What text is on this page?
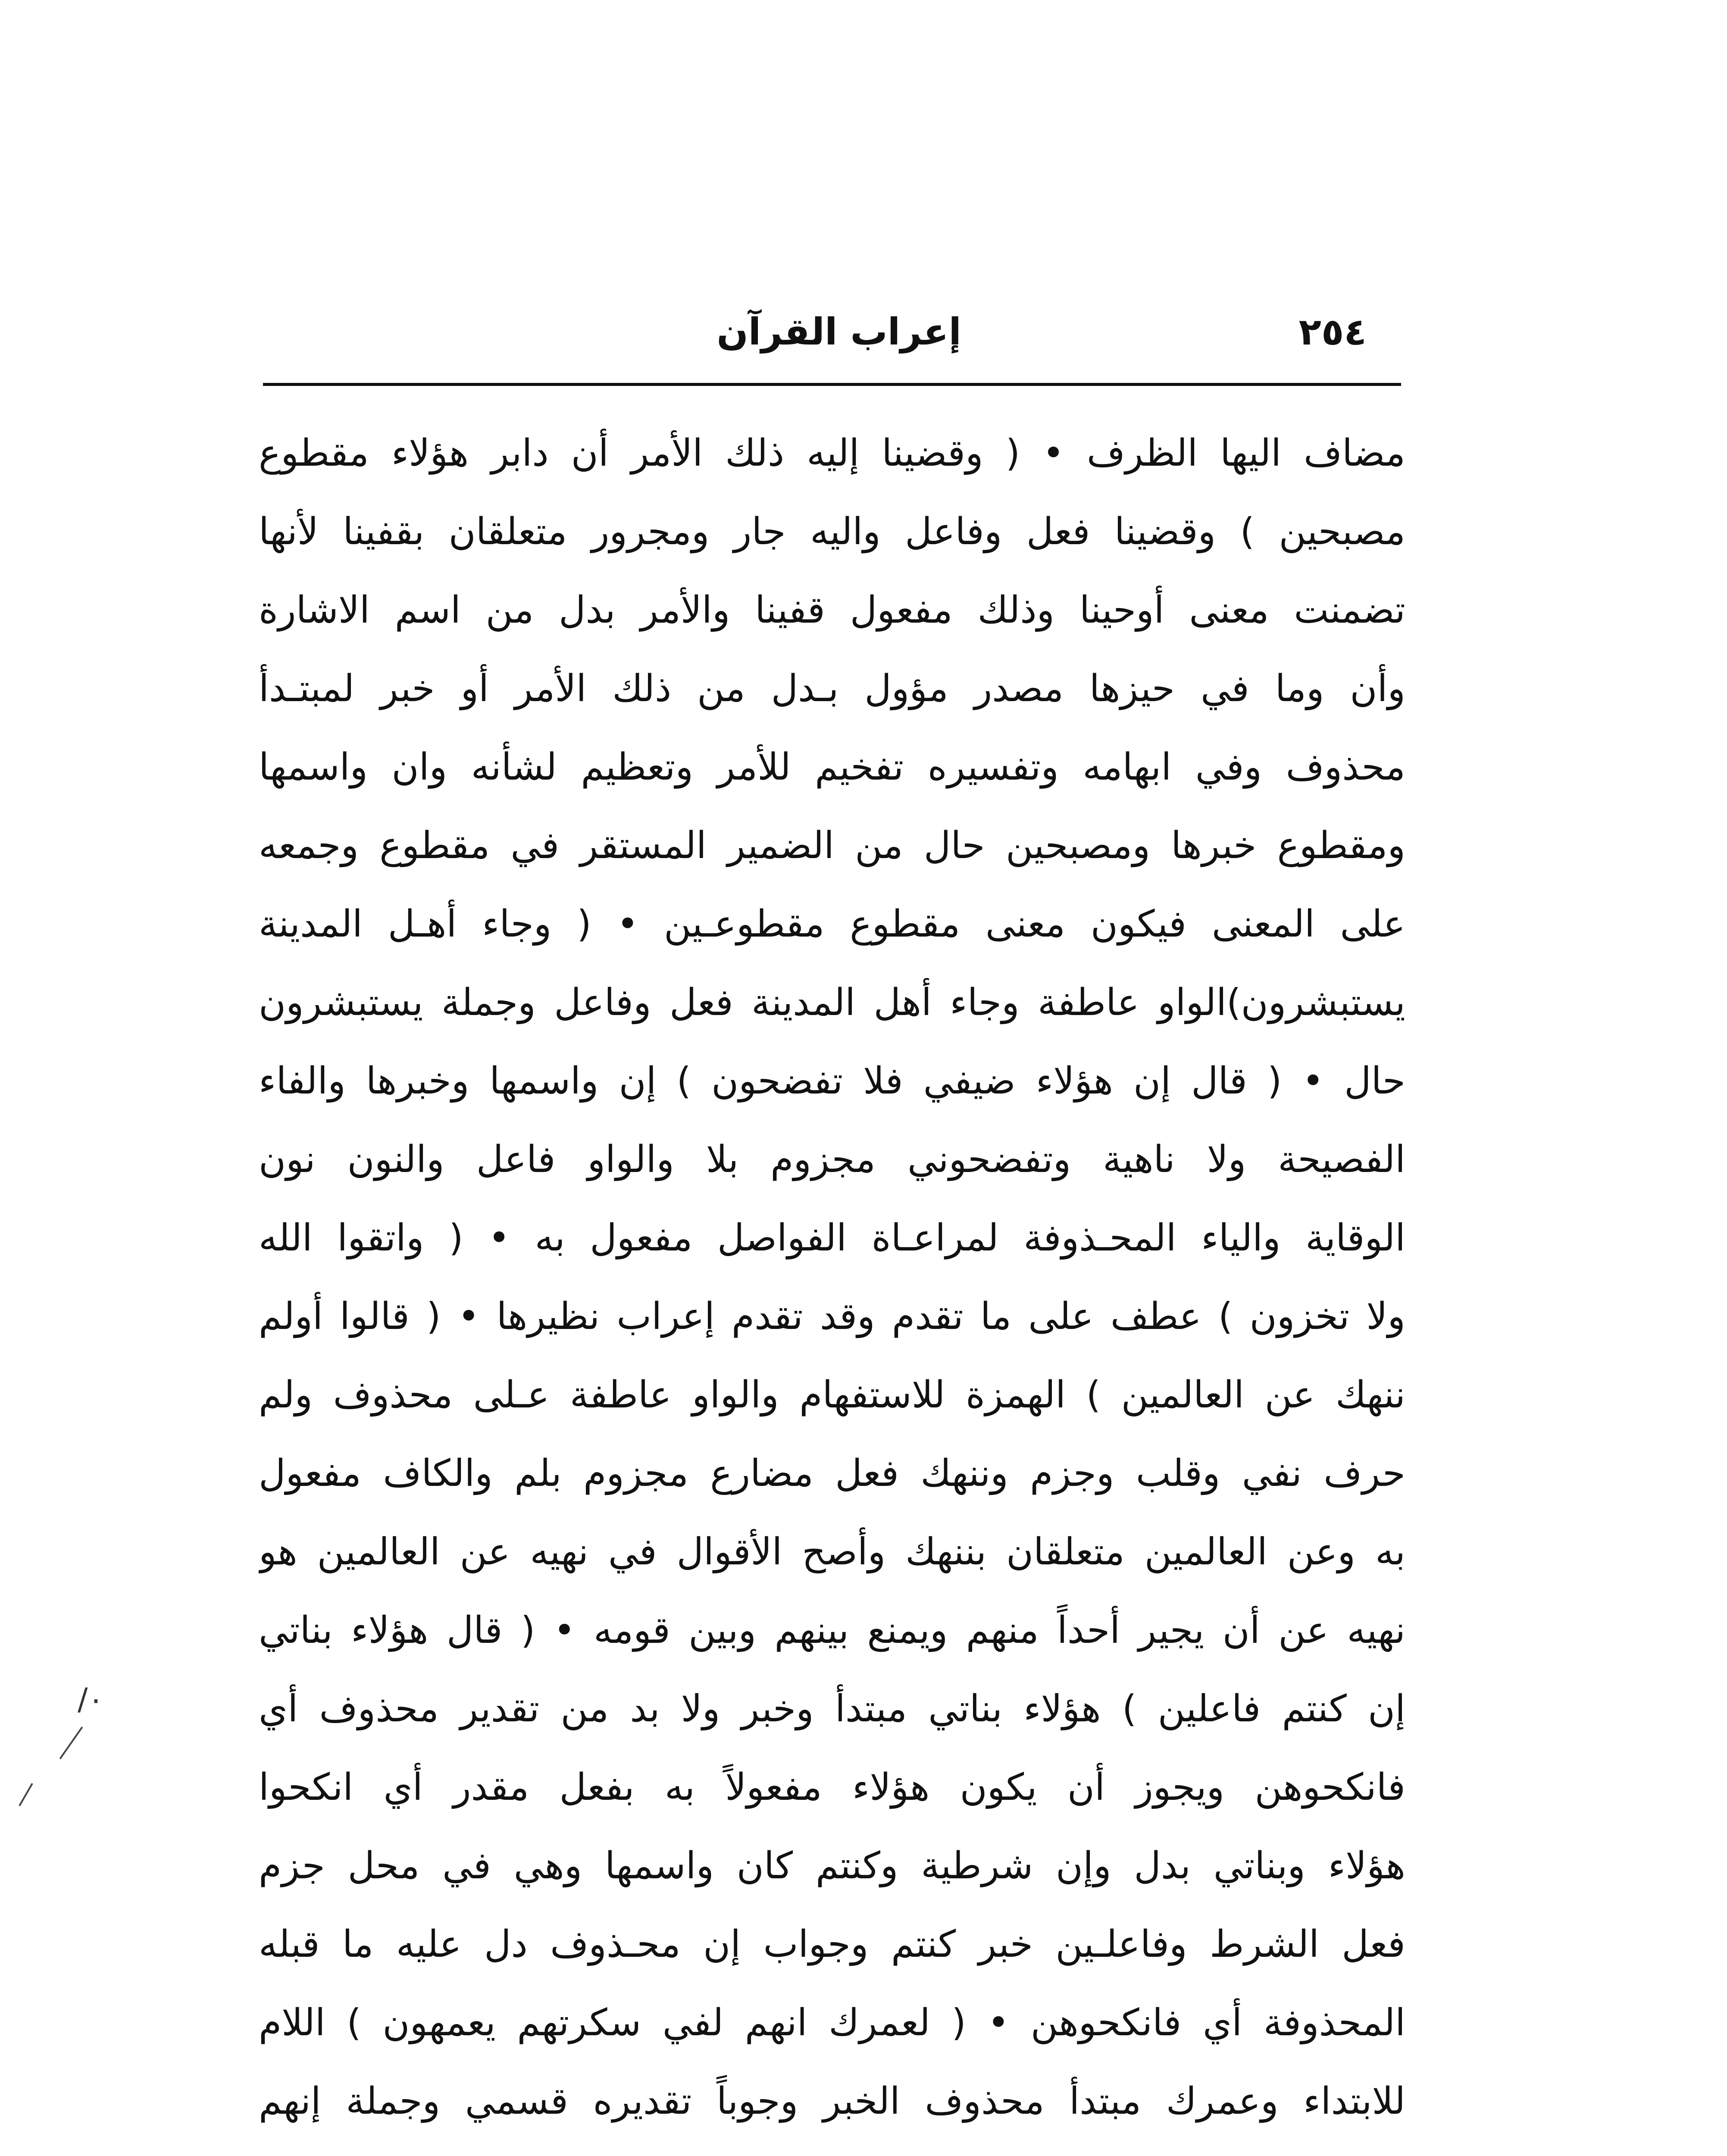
٢٥٤
إعراب القرآن
مضاف اليها الظرف • ( وقضينا إليه ذلك الأمر أن دابر هؤلاء مقطوع
مصبحين ) وقضينا فعل وفاعل واليه جار ومجرور متعلقان بقفينا لأنها
تضمنت معنى أوحينا وذلك مفعول قفينا والأمر بدل من اسم الاشارة
وأن وما في حيزها مصدر مؤول بـدل من ذلك الأمر أو خبر لمبتـدأ
محذوف وفي ابهامه وتفسيره تفخيم للأمر وتعظيم لشأنه وان واسمها
ومقطوع خبرها ومصبحين حال من الضمير المستقر في مقطوع وجمعه
على المعنى فيكون معنى مقطوع مقطوعـين • ( وجاء أهـل المدينة
يستبشرون)الواو عاطفة وجاء أهل المدينة فعل وفاعل وجملة يستبشرون
حال • ( قال إن هؤلاء ضيفي فلا تفضحون ) إن واسمها وخبرها والفاء
الفصيحة ولا ناهية وتفضحوني مجزوم بلا والواو فاعل والنون نون
الوقاية والياء المحـذوفة لمراعـاة الفواصل مفعول به • ( واتقوا الله
ولا تخزون ) عطف على ما تقدم وقد تقدم إعراب نظيرها • ( قالوا أولم
ننهك عن العالمين ) الهمزة للاستفهام والواو عاطفة عـلى محذوف ولم
حرف نفي وقلب وجزم وننهك فعل مضارع مجزوم بلم والكاف مفعول
به وعن العالمين متعلقان بننهك وأصح الأقوال في نهيه عن العالمين هو
نهيه عن أن يجير أحداً منهم ويمنع بينهم وبين قومه • ( قال هؤلاء بناتي
إن كنتم فاعلين ) هؤلاء بناتي مبتدأ وخبر ولا بد من تقدير محذوف أي
فانكحوهن ويجوز أن يكون هؤلاء مفعولاً به بفعل مقدر أي انكحوا
هؤلاء وبناتي بدل وإن شرطية وكنتم كان واسمها وهي في محل جزم
فعل الشرط وفاعلـين خبر كنتم وجواب إن محـذوف دل عليه ما قبله
المحذوفة أي فانكحوهن • ( لعمرك انهم لفي سكرتهم يعمهون ) اللام
للابتداء وعمرك مبتدأ محذوف الخبر وجوباً تقديره قسمي وجملة إنهم
/٠
